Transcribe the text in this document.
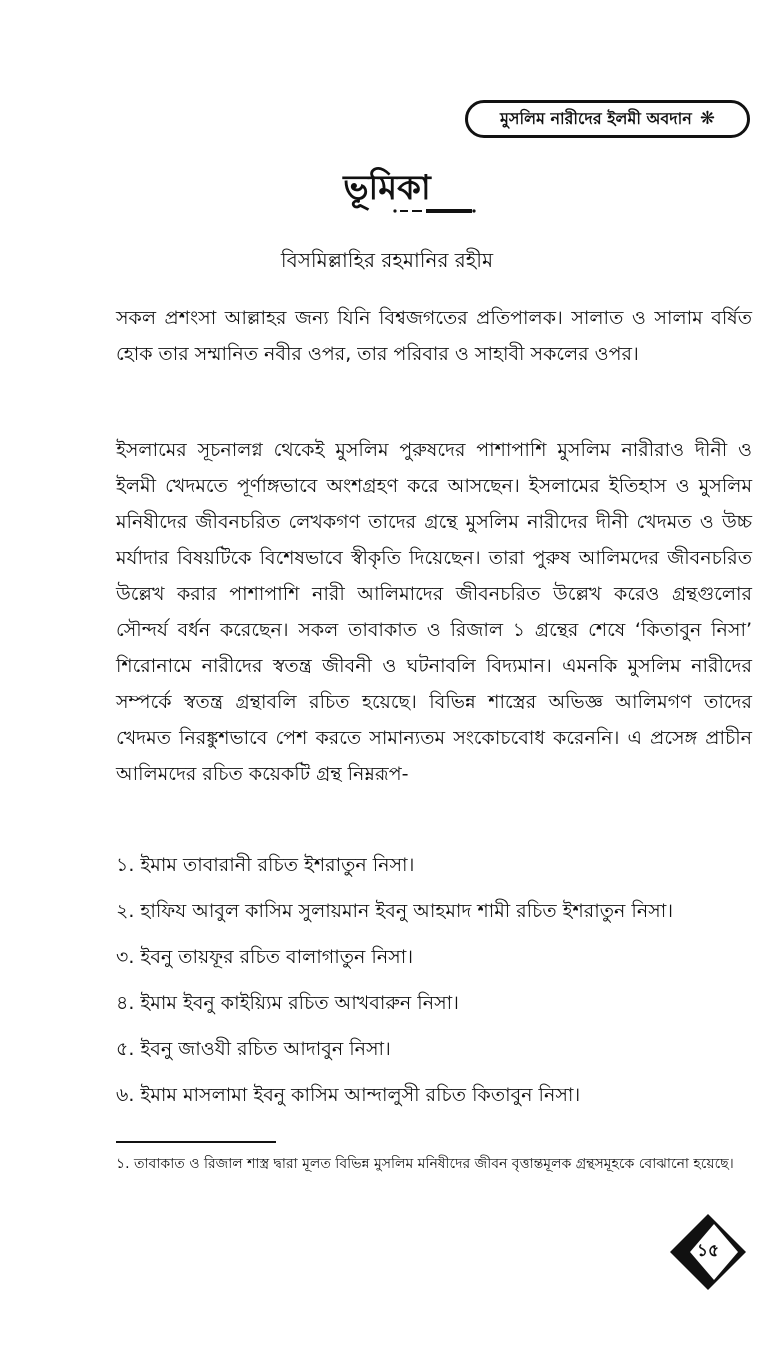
মুসলিম নারীদের ইলমী অবদান ❋
ভূমিকা
বিসমিল্লাহির রহমানির রহীম
সকল প্রশংসা আল্লাহর জন্য যিনি বিশ্বজগতের প্রতিপালক। সালাত ও সালাম বর্ষিত হোক তার সম্মানিত নবীর ওপর, তার পরিবার ও সাহাবী সকলের ওপর।
ইসলামের সূচনালগ্ন থেকেই মুসলিম পুরুষদের পাশাপাশি মুসলিম নারীরাও দীনী ও ইলমী খেদমতে পূর্ণাঙ্গভাবে অংশগ্রহণ করে আসছেন। ইসলামের ইতিহাস ও মুসলিম মনিষীদের জীবনচরিত লেখকগণ তাদের গ্রন্থে মুসলিম নারীদের দীনী খেদমত ও উচ্চ মর্যাদার বিষয়টিকে বিশেষভাবে স্বীকৃতি দিয়েছেন। তারা পুরুষ আলিমদের জীবনচরিত উল্লেখ করার পাশাপাশি নারী আলিমাদের জীবনচরিত উল্লেখ করেও গ্রন্থগুলোর সৌন্দর্য বর্ধন করেছেন। সকল তাবাকাত ও রিজাল ১ গ্রন্থের শেষে ‘কিতাবুন নিসা’ শিরোনামে নারীদের স্বতন্ত্র জীবনী ও ঘটনাবলি বিদ্যমান। এমনকি মুসলিম নারীদের সম্পর্কে স্বতন্ত্র গ্রন্থাবলি রচিত হয়েছে। বিভিন্ন শাস্ত্রের অভিজ্ঞ আলিমগণ তাদের খেদমত নিরঙ্কুশভাবে পেশ করতে সামান্যতম সংকোচবোধ করেননি। এ প্রসেঙ্গ প্রাচীন আলিমদের রচিত কয়েকটি গ্রন্থ নিম্নরূপ-
১. ইমাম তাবারানী রচিত ইশরাতুন নিসা।
২. হাফিয আবুল কাসিম সুলায়মান ইবনু আহমাদ শামী রচিত ইশরাতুন নিসা।
৩. ইবনু তায়ফূর রচিত বালাগাতুন নিসা।
৪. ইমাম ইবনু কাইয়্যিম রচিত আখবারুন নিসা।
৫. ইবনু জাওযী রচিত আদাবুন নিসা।
৬. ইমাম মাসলামা ইবনু কাসিম আন্দালুসী রচিত কিতাবুন নিসা।
১. তাবাকাত ও রিজাল শাস্ত্র দ্বারা মূলত বিভিন্ন মুসলিম মনিষীদের জীবন বৃত্তান্তমূলক গ্রন্থসমূহকে বোঝানো হয়েছে।
১৫
